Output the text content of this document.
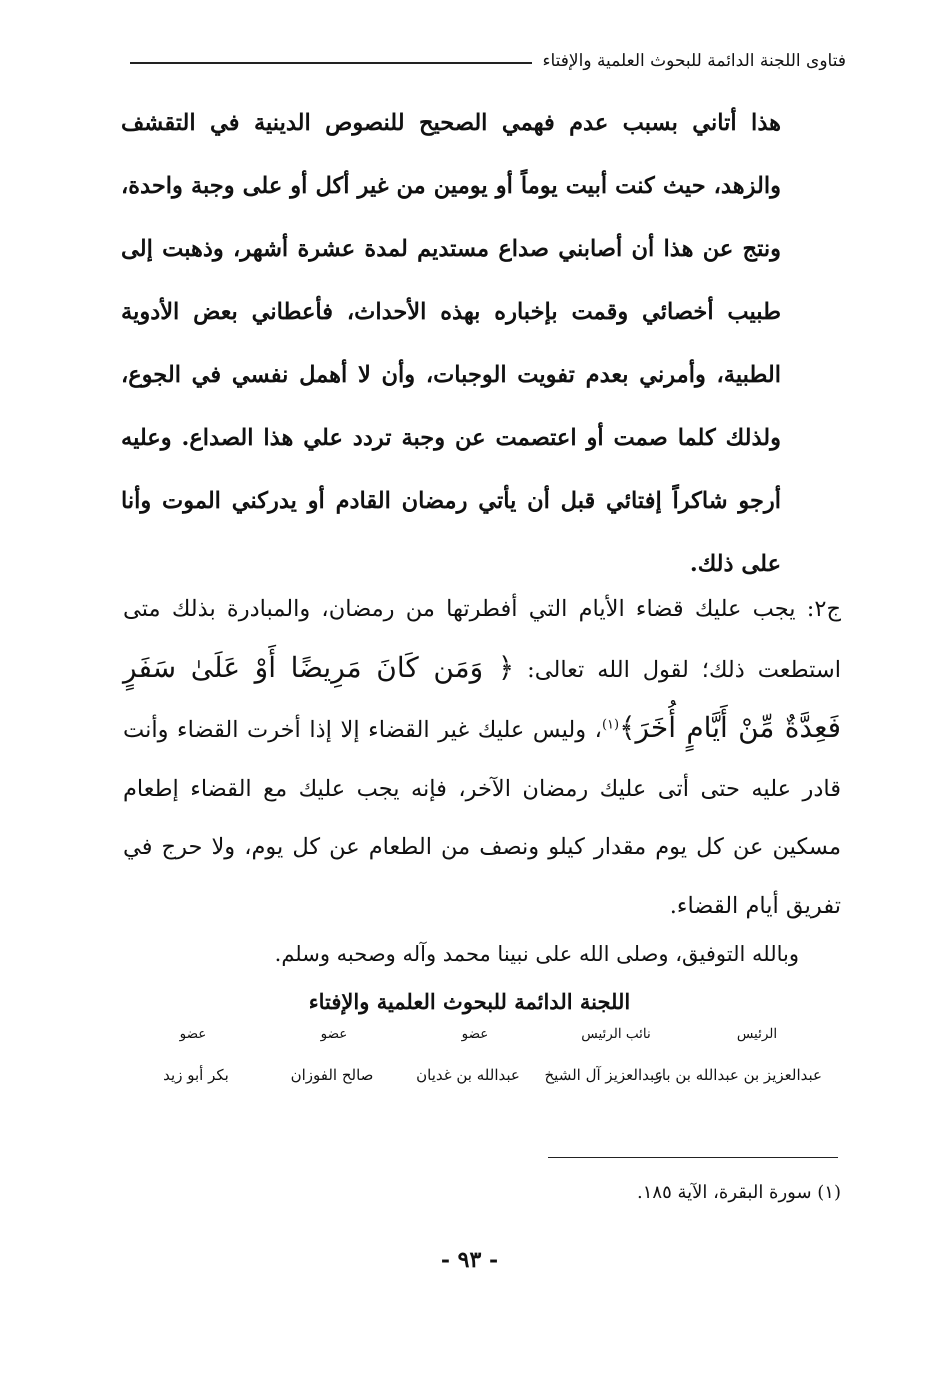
فتاوى اللجنة الدائمة للبحوث العلمية والإفتاء
هذا أتاني بسبب عدم فهمي الصحيح للنصوص الدينية في التقشف والزهد، حيث كنت أبيت يوماً أو يومين من غير أكل أو على وجبة واحدة، ونتج عن هذا أن أصابني صداع مستديم لمدة عشرة أشهر، وذهبت إلى طبيب أخصائي وقمت بإخباره بهذه الأحداث، فأعطاني بعض الأدوية الطبية، وأمرني بعدم تفويت الوجبات، وأن لا أهمل نفسي في الجوع، ولذلك كلما صمت أو اعتصمت عن وجبة تردد علي هذا الصداع. وعليه أرجو شاكراً إفتائي قبل أن يأتي رمضان القادم أو يدركني الموت وأنا على ذلك.
ج٢: يجب عليك قضاء الأيام التي أفطرتها من رمضان، والمبادرة بذلك متى استطعت ذلك؛ لقول الله تعالى: ﴿ وَمَن كَانَ مَرِيضًا أَوْ عَلَىٰ سَفَرٍ فَعِدَّةٌ مِّنْ أَيَّامٍ أُخَرَ﴾$^{(١)}$، وليس عليك غير القضاء إلا إذا أخرت القضاء وأنت قادر عليه حتى أتى عليك رمضان الآخر، فإنه يجب عليك مع القضاء إطعام مسكين عن كل يوم مقدار كيلو ونصف من الطعام عن كل يوم، ولا حرج في تفريق أيام القضاء.
وبالله التوفيق، وصلى الله على نبينا محمد وآله وصحبه وسلم.
اللجنة الدائمة للبحوث العلمية والإفتاء
الرئيس
نائب الرئيس
عضو
عضو
عضو
عبدالعزيز بن عبدالله بن باز
عبدالعزيز آل الشيخ
عبدالله بن غديان
صالح الفوزان
بكر أبو زيد
(١) سورة البقرة، الآية ١٨٥.
- ٩٣ -
